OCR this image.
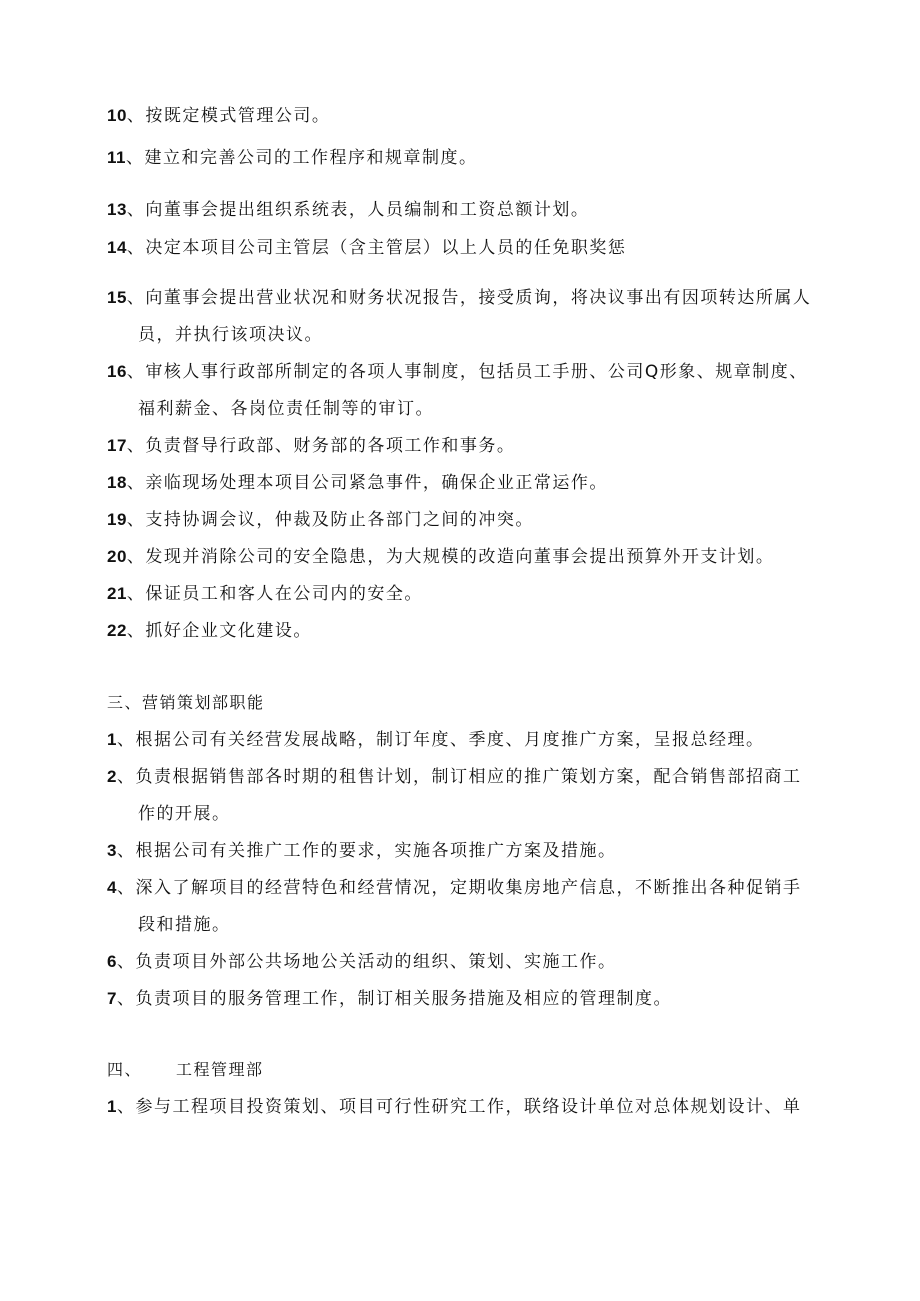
10、按既定模式管理公司。
11、建立和完善公司的工作程序和规章制度。
13、向董事会提出组织系统表，人员编制和工资总额计划。
14、决定本项目公司主管层（含主管层）以上人员的任免职奖惩
15、向董事会提出营业状况和财务状况报告，接受质询，将决议事出有因项转达所属人
员，并执行该项决议。
16、审核人事行政部所制定的各项人事制度，包括员工手册、公司Q形象、规章制度、
福利薪金、各岗位责任制等的审订。
17、负责督导行政部、财务部的各项工作和事务。
18、亲临现场处理本项目公司紧急事件，确保企业正常运作。
19、支持协调会议，仲裁及防止各部门之间的冲突。
20、发现并消除公司的安全隐患，为大规模的改造向董事会提出预算外开支计划。
21、保证员工和客人在公司内的安全。
22、抓好企业文化建设。
三、营销策划部职能
1、根据公司有关经营发展战略，制订年度、季度、月度推广方案，呈报总经理。
2、负责根据销售部各时期的租售计划，制订相应的推广策划方案，配合销售部招商工
作的开展。
3、根据公司有关推广工作的要求，实施各项推广方案及措施。
4、深入了解项目的经营特色和经营情况，定期收集房地产信息，不断推出各种促销手
段和措施。
6、负责项目外部公共场地公关活动的组织、策划、实施工作。
7、负责项目的服务管理工作，制订相关服务措施及相应的管理制度。
四、 工程管理部
1、参与工程项目投资策划、项目可行性研究工作，联络设计单位对总体规划设计、单
